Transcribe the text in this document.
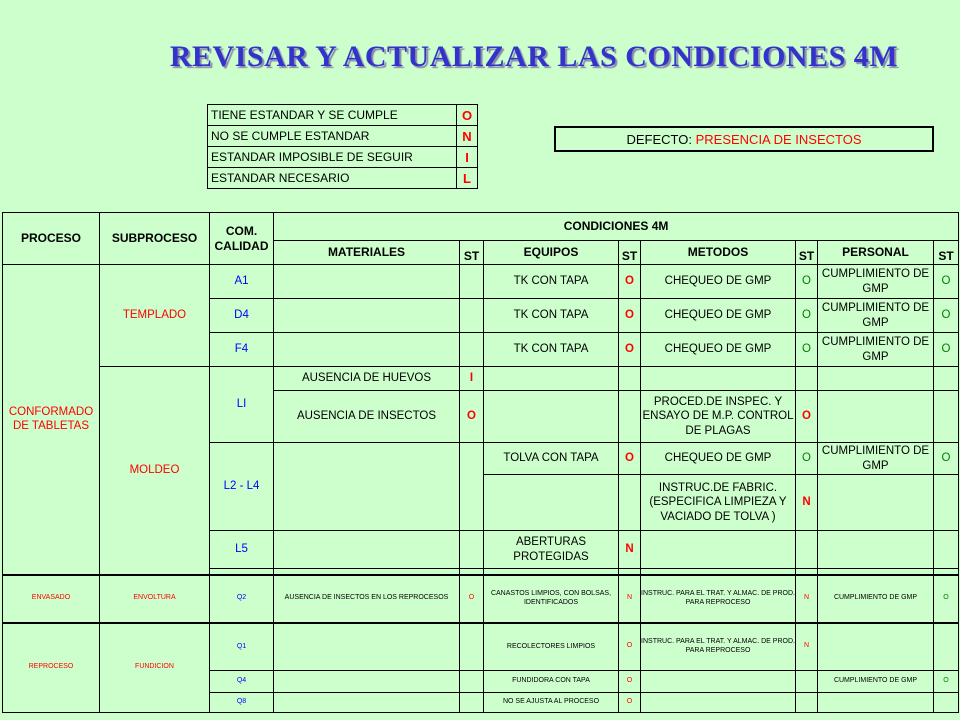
REVISAR Y ACTUALIZAR LAS CONDICIONES 4M
TIENE ESTANDAR Y SE CUMPLE	O
NO SE CUMPLE ESTANDAR	N
ESTANDAR IMPOSIBLE DE SEGUIR	I
ESTANDAR NECESARIO	L
DEFECTO: PRESENCIA DE INSECTOS
PROCESO	SUBPROCESO	COM. CALIDAD	CONDICIONES 4M							
			MATERIALES	ST	EQUIPOS	ST	METODOS	ST	PERSONAL	ST
CONFORMADO DE TABLETAS	TEMPLADO	A1			TK CON TAPA	O	CHEQUEO DE GMP	O	CUMPLIMIENTO DE GMP	O
		D4			TK CON TAPA	O	CHEQUEO DE GMP	O	CUMPLIMIENTO DE GMP	O
		F4			TK CON TAPA	O	CHEQUEO DE GMP	O	CUMPLIMIENTO DE GMP	O
	MOLDEO	LI	AUSENCIA DE HUEVOS	I						
			AUSENCIA DE INSECTOS	O			PROCED.DE INSPEC. Y ENSAYO DE M.P. CONTROL DE PLAGAS	O		
		L2 - L4			TOLVA CON TAPA	O	CHEQUEO DE GMP	O	CUMPLIMIENTO DE GMP	O
							INSTRUC.DE FABRIC. (ESPECIFICA LIMPIEZA Y VACIADO DE TOLVA )	N		
		L5			ABERTURAS PROTEGIDAS	N				

ENVASADO	ENVOLTURA	Q2	AUSENCIA DE INSECTOS EN LOS REPROCESOS	O	CANASTOS LIMPIOS, CON BOLSAS, IDENTIFICADOS	N	INSTRUC. PARA EL TRAT. Y ALMAC. DE PROD. PARA REPROCESO	N	CUMPLIMIENTO DE GMP	O
REPROCESO	FUNDICION	Q1			RECOLECTORES LIMPIOS	O	INSTRUC. PARA EL TRAT. Y ALMAC. DE PROD. PARA REPROCESO	N		
		Q4			FUNDIDORA CON TAPA	O			CUMPLIMIENTO DE GMP	O
		Q8			NO SE AJUSTA AL PROCESO	O				
